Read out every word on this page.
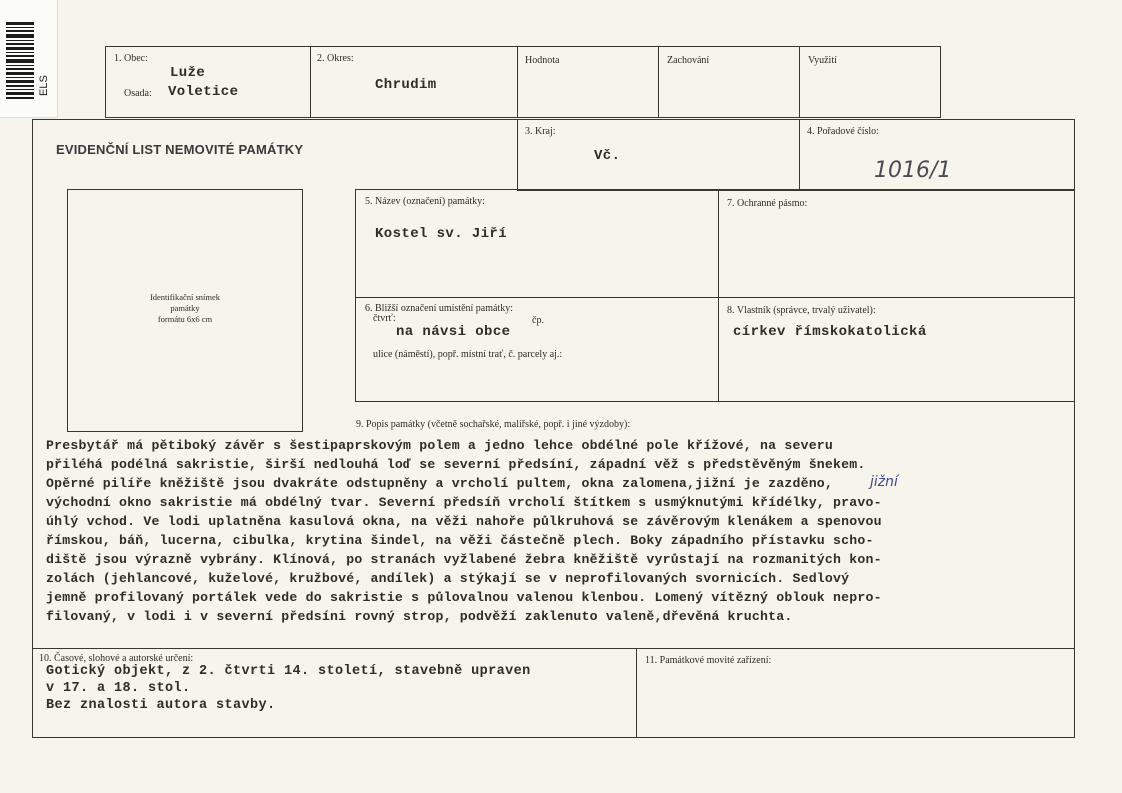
ELS
1. Obec:
Luže
Osada: Voletice
2. Okres:
Chrudim
Hodnota	Zachování	Využití
EVIDENČNÍ LIST NEMOVITÉ PAMÁTKY
3. Kraj:
Vč.
4. Pořadové číslo:
1016/1
Identifikační snímek
památky
formátu 6x6 cm
5. Název (označení) památky:
Kostel sv. Jiří
7. Ochranné pásmo:
6. Bližší označení umístění památky:
čtvrť:	čp.
na návsi obce
ulice (náměstí), popř. místní trať, č. parcely aj.:
8. Vlastník (správce, trvalý uživatel):
církev římskokatolická
9. Popis památky (včetně sochařské, malířské, popř. i jiné výzdoby):
Presbytář má pětiboký závěr s šestipaprskovým polem a jedno lehce obdélné pole křížové, na severu
přiléhá podélná sakristie, širší nedlouhá loď se severní předsíní, západní věž s předstěvěným šnekem.
Opěrné pilíře kněžiště jsou dvakráte odstupněny a vrcholí pultem, okna zalomena,jižní je zazděno,
východní okno sakristie má obdélný tvar. Severní předsíň vrcholí štítkem s usmýknutými křídélky, pravo-
úhlý vchod. Ve lodi uplatněna kasulová okna, na věži nahoře půlkruhová se závěrovým klenákem a spenovou
římskou, báň, lucerna, cibulka, krytina šindel, na věži částečně plech. Boky západního přístavku scho-
diště jsou výrazně vybrány. Klínová, po stranách vyžlabené žebra kněžiště vyrůstají na rozmanitých kon-
zolách (jehlancové, kuželové, kružbové, andílek) a stýkají se v neprofilovaných svornicích. Sedlový
jemně profilovaný portálek vede do sakristie s půlovalnou valenou klenbou. Lomený vítězný oblouk nepro-
filovaný, v lodi i v severní předsíni rovný strop, podvěží zaklenuto valeně,dřevěná kruchta.
jižní
10. Časové, slohové a autorské určení:
Gotický objekt, z 2. čtvrti 14. století, stavebně upraven
v 17. a 18. stol.
Bez znalosti autora stavby.
11. Památkové movité zařízení:
